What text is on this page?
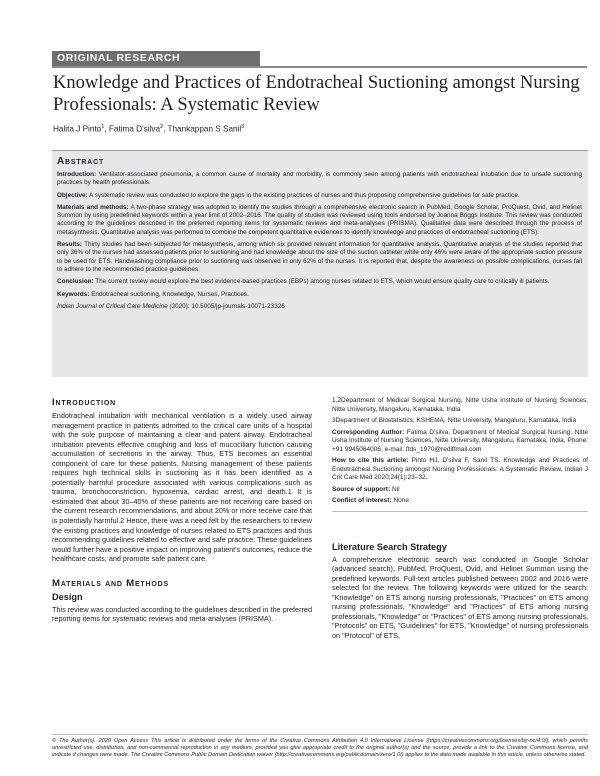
ORIGINAL RESEARCH
Knowledge and Practices of Endotracheal Suctioning amongst Nursing Professionals: A Systematic Review
Halita J Pinto$^1$, Fatima D'silva$^2$, Thankappan S Sanil$^3$
Abstract

Introduction: Ventilator-associated pneumonia, a common cause of mortality and morbidity, is commonly seen among patients with endotracheal intubation due to unsafe suctioning practices by health professionals.

Objective: A systematic review was conducted to explore the gaps in the existing practices of nurses and thus proposing comprehensive guidelines for safe practice.

Materials and methods: A two-phase strategy was adopted to identify the studies through a comprehensive electronic search in PubMed, Google Scholar, ProQuest, Ovid, and Helinet Summon by using predefined keywords within a year limit of 2002–2016. The quality of studies was reviewed using tools endorsed by Joanna Briggs Institute. This review was conducted according to the guidelines described in the preferred reporting items for systematic reviews and meta-analyses (PRISMA). Qualitative data were described through the process of metasynthesis. Quantitative analysis was performed to combine the competent quantitative evidences to identify knowledge and practices of endotracheal suctioning (ETS).

Results: Thirty studies had been subjected for metasynthesis, among which six provided relevant information for quantitative analysis. Quantitative analysis of the studies reported that only 36% of the nurses had assessed patients prior to suctioning and had knowledge about the size of the suction catheter while only 46% were aware of the appropriate suction pressure to be used for ETS. Handwashing compliance prior to suctioning was observed in only 62% of the nurses. It is reported that, despite the awareness on possible complications, nurses fail to adhere to the recommended practice guidelines.

Conclusion: The current review would explore the best evidence-based practices (EBPs) among nurses related to ETS, which would ensure quality care to critically ill patients.

Keywords: Endotracheal suctioning, Knowledge, Nurses, Practices.

Indian Journal of Critical Care Medicine (2020): 10.5005/jp-journals-10071-23326
Introduction

Endotracheal intubation with mechanical ventilation is a widely used airway management practice in patients admitted to the critical care units of a hospital with the sole purpose of maintaining a clear and patent airway. Endotracheal intubation prevents effective coughing and loss of mucociliary function causing accumulation of secretions in the airway. Thus, ETS becomes an essential component of care for these patients. Nursing management of these patients requires high technical skills in suctioning as it has been identified as a potentially harmful procedure associated with various complications such as trauma, bronchoconstriction, hypoxemia, cardiac arrest, and death.1 It is estimated that about 30–40% of these patients are not receiving care based on the current research recommendations, and about 20% or more receive care that is potentially harmful.2 Hence, there was a need felt by the researchers to review the existing practices and knowledge of nurses related to ETS practices and thus recommending guidelines related to effective and safe practice. These guidelines would further have a positive impact on improving patient's outcomes, reduce the healthcare costs, and promote safe patient care.

Materials and Methods
Design

This review was conducted according to the guidelines described in the preferred reporting items for systematic reviews and meta-analyses (PRISMA).

1,2Department of Medical Surgical Nursing, Nitte Usha Institute of Nursing Sciences, Nitte University, Mangaluru, Karnataka, India

3Department of Biostatistics, KSHEMA, Nitte University, Mangaluru, Karnataka, India

Corresponding Author: Fatima D'silva, Department of Medical Surgical Nursing, Nitte Usha Institute of Nursing Sciences, Nitte University, Mangaluru, Karnataka, India, Phone: +91 9945064006, e-mail: ftds_1970@rediffmail.com

How to cite this article: Pinto HJ, D'silva F, Sanil TS. Knowledge and Practices of Endotracheal Suctioning amongst Nursing Professionals: A Systematic Review. Indian J Crit Care Med 2020;24(1):23–32.

Source of support: Nil

Conflict of interest: None

Literature Search Strategy

A comprehensive electronic search was conducted in Google Scholar (advanced search), PubMed, ProQuest, Ovid, and Helinet Summon using the predefined keywords. Full-text articles published between 2002 and 2016 were selected for the review. The following keywords were utilized for the search: "Knowledge" on ETS among nursing professionals, "Practices" on ETS among nursing professionals, "Knowledge" and "Practices" of ETS among nursing professionals, "Knowledge" or "Practices" of ETS among nursing professionals, "Protocols" on ETS, "Guidelines" for ETS, "Knowledge" of nursing professionals on "Protocol" of ETS,

© The Author(s). 2020 Open Access This article is distributed under the terms of the Creative Commons Attribution 4.0 International License (https://creativecommons.org/licenses/by-nc/4.0/), which permits unrestricted use, distribution, and non-commercial reproduction in any medium, provided you give appropriate credit to the original author(s) and the source, provide a link to the Creative Commons license, and indicate if changes were made. The Creative Commons Public Domain Dedication waiver (http://creativecommons.org/publicdomain/zero/1.0/) applies to the data made available in this article, unless otherwise stated.
